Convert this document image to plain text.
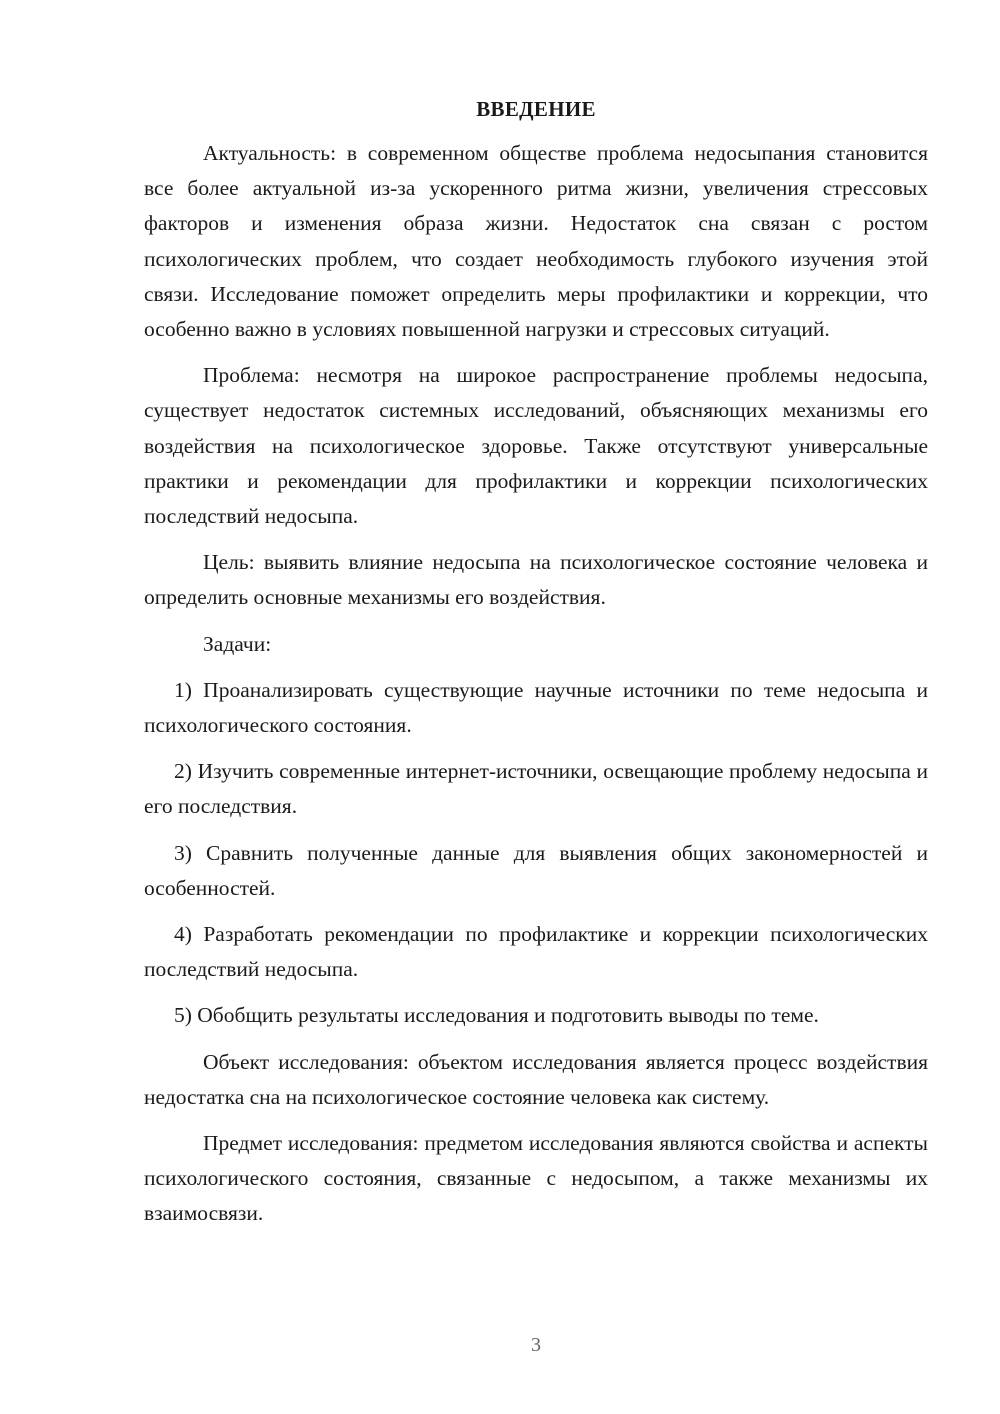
ВВЕДЕНИЕ

Актуальность: в современном обществе проблема недосыпания становится все более актуальной из-за ускоренного ритма жизни, увеличения стрессовых факторов и изменения образа жизни. Недостаток сна связан с ростом психологических проблем, что создает необходимость глубокого изучения этой связи. Исследование поможет определить меры профилактики и коррекции, что особенно важно в условиях повышенной нагрузки и стрессовых ситуаций.

Проблема: несмотря на широкое распространение проблемы недосыпа, существует недостаток системных исследований, объясняющих механизмы его воздействия на психологическое здоровье. Также отсутствуют универсальные практики и рекомендации для профилактики и коррекции психологических последствий недосыпа.

Цель: выявить влияние недосыпа на психологическое состояние человека и определить основные механизмы его воздействия.

Задачи:

1) Проанализировать существующие научные источники по теме недосыпа и психологического состояния.

2) Изучить современные интернет-источники, освещающие проблему недосыпа и его последствия.

3) Сравнить полученные данные для выявления общих закономерностей и особенностей.

4) Разработать рекомендации по профилактике и коррекции психологических последствий недосыпа.

5) Обобщить результаты исследования и подготовить выводы по теме.

Объект исследования: объектом исследования является процесс воздействия недостатка сна на психологическое состояние человека как систему.

Предмет исследования: предметом исследования являются свойства и аспекты психологического состояния, связанные с недосыпом, а также механизмы их взаимосвязи.

3
